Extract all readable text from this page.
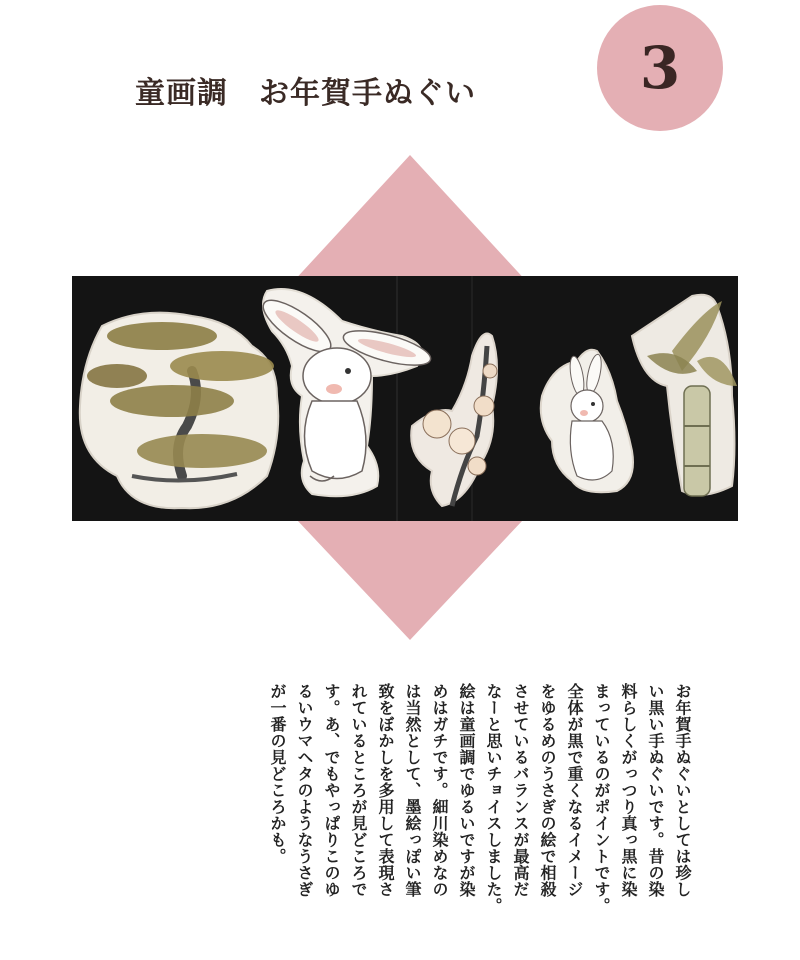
童画調　お年賀手ぬぐい	3
お年賀手ぬぐいとしては珍し
い黒い手ぬぐいです。昔の染
料らしくがっつり真っ黒に染
まっているのがポイントです。
全体が黒で重くなるイメージ
をゆるめのうさぎの絵で相殺
させているバランスが最高だ
なーと思いチョイスしました。
絵は童画調でゆるいですが染
めはガチです。細川染めなの
は当然として、墨絵っぽい筆
致をぼかしを多用して表現さ
れているところが見どころで
す。あ、でもやっぱりこのゆ
るいウマヘタのようなうさぎ
が一番の見どころかも。
